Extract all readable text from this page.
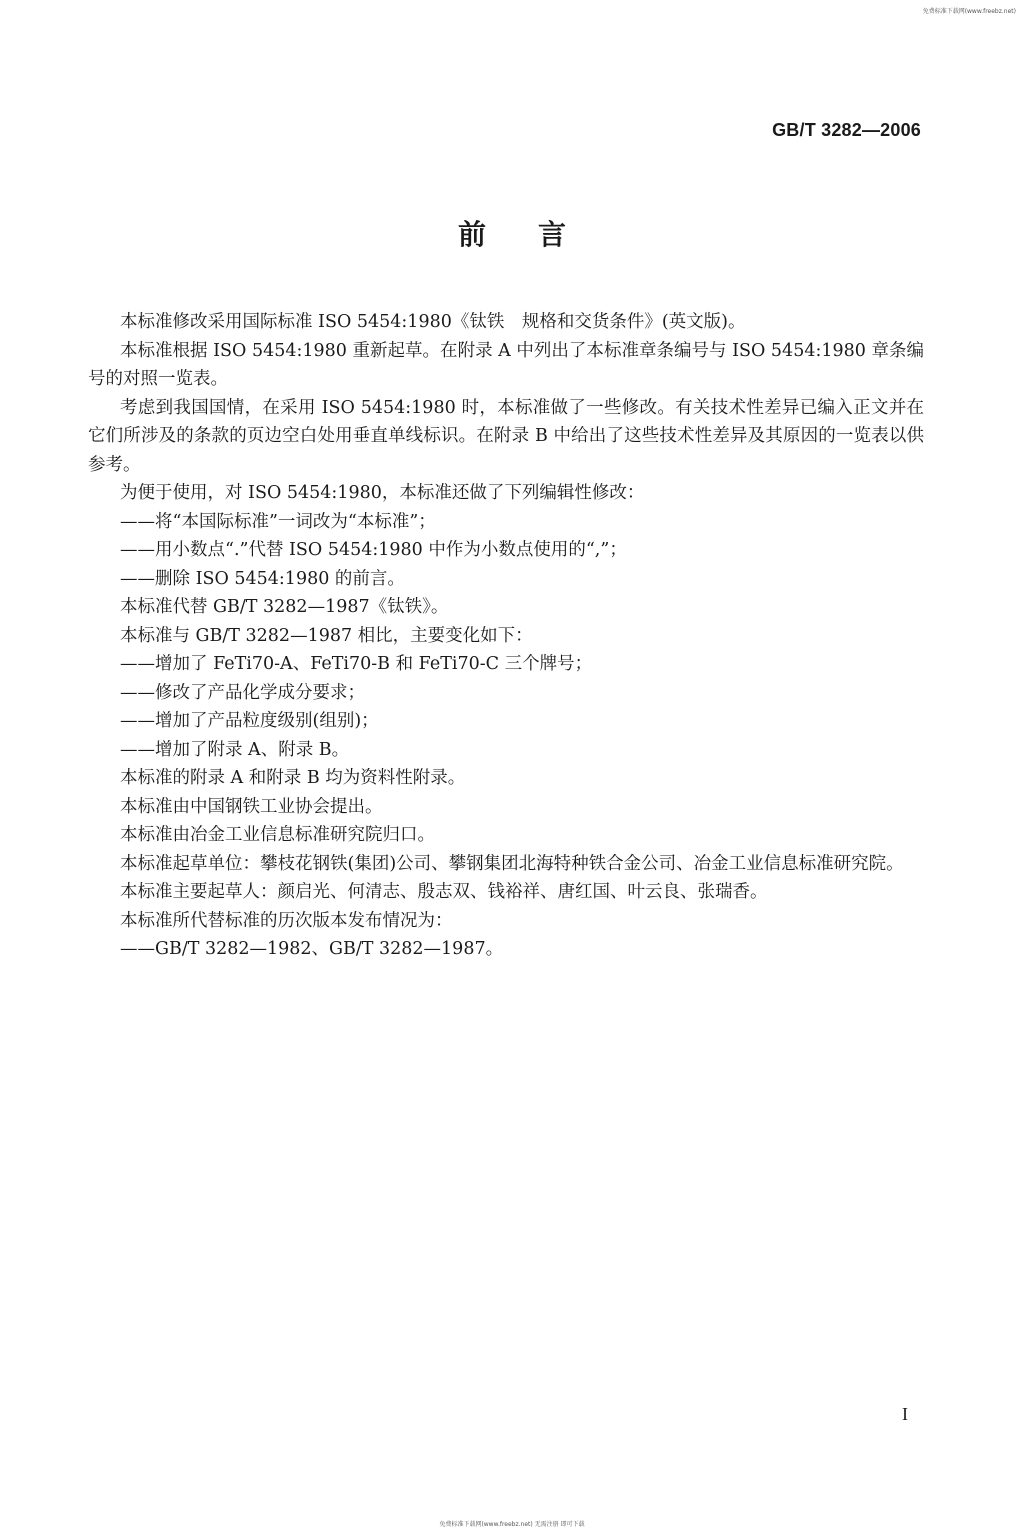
免费标准下载网(www.freebz.net)
GB/T 3282—2006
前言

本标准修改采用国际标准 ISO 5454:1980《钛铁　规格和交货条件》(英文版)。

本标准根据 ISO 5454:1980 重新起草。在附录 A 中列出了本标准章条编号与 ISO 5454:1980 章条编号的对照一览表。

考虑到我国国情，在采用 ISO 5454:1980 时，本标准做了一些修改。有关技术性差异已编入正文并在它们所涉及的条款的页边空白处用垂直单线标识。在附录 B 中给出了这些技术性差异及其原因的一览表以供参考。

为便于使用，对 ISO 5454:1980，本标准还做了下列编辑性修改：

——将“本国际标准”一词改为“本标准”；

——用小数点“.”代替 ISO 5454:1980 中作为小数点使用的“,”；

——删除 ISO 5454:1980 的前言。

本标准代替 GB/T 3282—1987《钛铁》。

本标准与 GB/T 3282—1987 相比，主要变化如下：

——增加了 FeTi70-A、FeTi70-B 和 FeTi70-C 三个牌号；

——修改了产品化学成分要求；

——增加了产品粒度级别(组别)；

——增加了附录 A、附录 B。

本标准的附录 A 和附录 B 均为资料性附录。

本标准由中国钢铁工业协会提出。

本标准由冶金工业信息标准研究院归口。

本标准起草单位：攀枝花钢铁(集团)公司、攀钢集团北海特种铁合金公司、冶金工业信息标准研究院。

本标准主要起草人：颜启光、何清志、殷志双、钱裕祥、唐红国、叶云良、张瑞香。

本标准所代替标准的历次版本发布情况为：

——GB/T 3282—1982、GB/T 3282—1987。

I
免费标准下载网(www.freebz.net) 无需注册 即可下载
